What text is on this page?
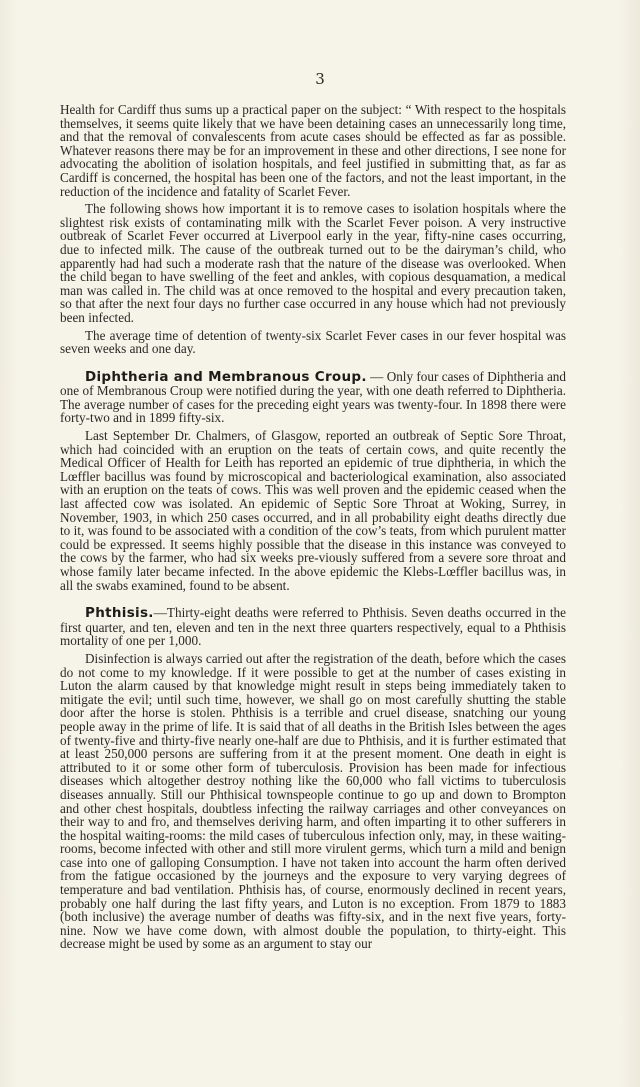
3

Health for Cardiff thus sums up a practical paper on the subject: “ With respect to the hospitals themselves, it seems quite likely that we have been detaining cases an unnecessarily long time, and that the removal of convalescents from acute cases should be effected as far as possible. Whatever reasons there may be for an improvement in these and other directions, I see none for advocating the abolition of isolation hospitals, and feel justified in submitting that, as far as Cardiff is concerned, the hospital has been one of the factors, and not the least important, in the reduction of the incidence and fatality of Scarlet Fever.

The following shows how important it is to remove cases to isolation hospitals where the slightest risk exists of contaminating milk with the Scarlet Fever poison. A very instructive outbreak of Scarlet Fever occurred at Liverpool early in the year, fifty-nine cases occurring, due to infected milk. The cause of the outbreak turned out to be the dairyman’s child, who apparently had had such a moderate rash that the nature of the disease was overlooked. When the child began to have swelling of the feet and ankles, with copious desquamation, a medical man was called in. The child was at once removed to the hospital and every precaution taken, so that after the next four days no further case occurred in any house which had not previously been infected.

The average time of detention of twenty-six Scarlet Fever cases in our fever hospital was seven weeks and one day.

Diphtheria and Membranous Croup. — Only four cases of Diphtheria and one of Membranous Croup were notified during the year, with one death referred to Diphtheria. The average number of cases for the preceding eight years was twenty-four. In 1898 there were forty-two and in 1899 fifty-six.

Last September Dr. Chalmers, of Glasgow, reported an outbreak of Septic Sore Throat, which had coincided with an eruption on the teats of certain cows, and quite recently the Medical Officer of Health for Leith has reported an epidemic of true diphtheria, in which the Lœffler bacillus was found by microscopical and bacteriological examination, also associated with an eruption on the teats of cows. This was well proven and the epidemic ceased when the last affected cow was isolated. An epidemic of Septic Sore Throat at Woking, Surrey, in November, 1903, in which 250 cases occurred, and in all probability eight deaths directly due to it, was found to be associated with a condition of the cow’s teats, from which purulent matter could be expressed. It seems highly possible that the disease in this instance was conveyed to the cows by the farmer, who had six weeks pre-viously suffered from a severe sore throat and whose family later became infected. In the above epidemic the Klebs-Lœffler bacillus was, in all the swabs examined, found to be absent.

Phthisis.—Thirty-eight deaths were referred to Phthisis. Seven deaths occurred in the first quarter, and ten, eleven and ten in the next three quarters respectively, equal to a Phthisis mortality of one per 1,000.

Disinfection is always carried out after the registration of the death, before which the cases do not come to my knowledge. If it were possible to get at the number of cases existing in Luton the alarm caused by that knowledge might result in steps being immediately taken to mitigate the evil; until such time, however, we shall go on most carefully shutting the stable door after the horse is stolen. Phthisis is a terrible and cruel disease, snatching our young people away in the prime of life. It is said that of all deaths in the British Isles between the ages of twenty-five and thirty-five nearly one-half are due to Phthisis, and it is further estimated that at least 250,000 persons are suffering from it at the present moment. One death in eight is attributed to it or some other form of tuberculosis. Provision has been made for infectious diseases which altogether destroy nothing like the 60,000 who fall victims to tuberculosis diseases annually. Still our Phthisical townspeople continue to go up and down to Brompton and other chest hospitals, doubtless infecting the railway carriages and other conveyances on their way to and fro, and themselves deriving harm, and often imparting it to other sufferers in the hospital waiting-rooms: the mild cases of tuberculous infection only, may, in these waiting-rooms, become infected with other and still more virulent germs, which turn a mild and benign case into one of galloping Consumption. I have not taken into account the harm often derived from the fatigue occasioned by the journeys and the exposure to very varying degrees of temperature and bad ventilation. Phthisis has, of course, enormously declined in recent years, probably one half during the last fifty years, and Luton is no exception. From 1879 to 1883 (both inclusive) the average number of deaths was fifty-six, and in the next five years, forty-nine. Now we have come down, with almost double the population, to thirty-eight. This decrease might be used by some as an argument to stay our
